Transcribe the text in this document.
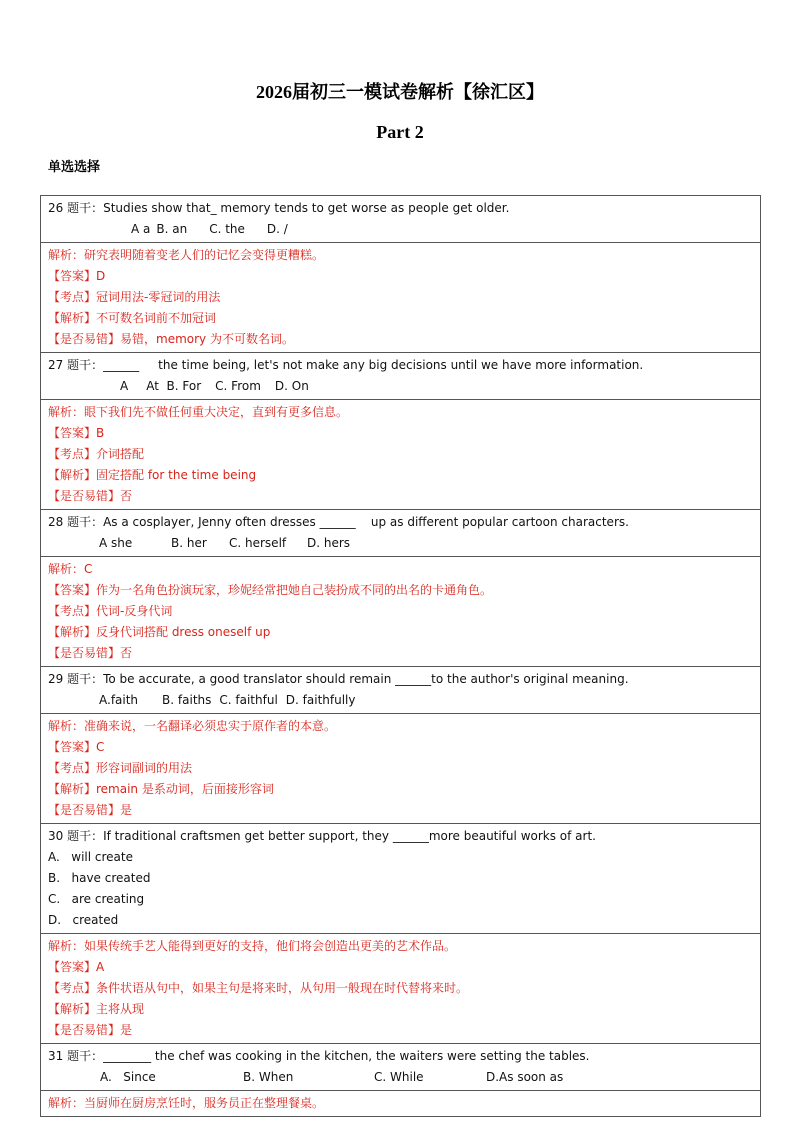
2026届初三一模试卷解析【徐汇区】
Part 2
单选选择
26 题干：Studies show that_ memory tends to get worse as people get older.
A a B. an C. the D. /
解析：研究表明随着变老人们的记忆会变得更糟糕。
【答案】D
【考点】冠词用法-零冠词的用法
【解析】不可数名词前不加冠词
【是否易错】易错，memory 为不可数名词。
27 题干：______     the time being, let's not make any big decisions until we have more information.
A At  B. For C. From D. On
解析：眼下我们先不做任何重大决定，直到有更多信息。
【答案】B
【考点】介词搭配
【解析】固定搭配 for the time being
【是否易错】否
28 题干：As a cosplayer, Jenny often dresses ______    up as different popular cartoon characters.
A she	B. her	C. herself	D. hers
解析：C
【答案】作为一名角色扮演玩家，珍妮经常把她自己装扮成不同的出名的卡通角色。
【考点】代词-反身代词
【解析】反身代词搭配 dress oneself up
【是否易错】否
29 题干：To be accurate, a good translator should remain ______to the author's original meaning.
A.faith B. faiths C. faithful D. faithfully
解析：准确来说，一名翻译必须忠实于原作者的本意。
【答案】C
【考点】形容词副词的用法
【解析】remain 是系动词，后面接形容词
【是否易错】是
30 题干：If traditional craftsmen get better support, they ______more beautiful works of art.
A.   will create
B.   have created
C.   are creating
D.   created
解析：如果传统手艺人能得到更好的支持，他们将会创造出更美的艺术作品。
【答案】A
【考点】条件状语从句中，如果主句是将来时，从句用一般现在时代替将来时。
【解析】主将从现
【是否易错】是
31 题干：________ the chef was cooking in the kitchen, the waiters were setting the tables.
A.   Since	B. When	C. While	D.As soon as
解析：当厨师在厨房烹饪时，服务员正在整理餐桌。
